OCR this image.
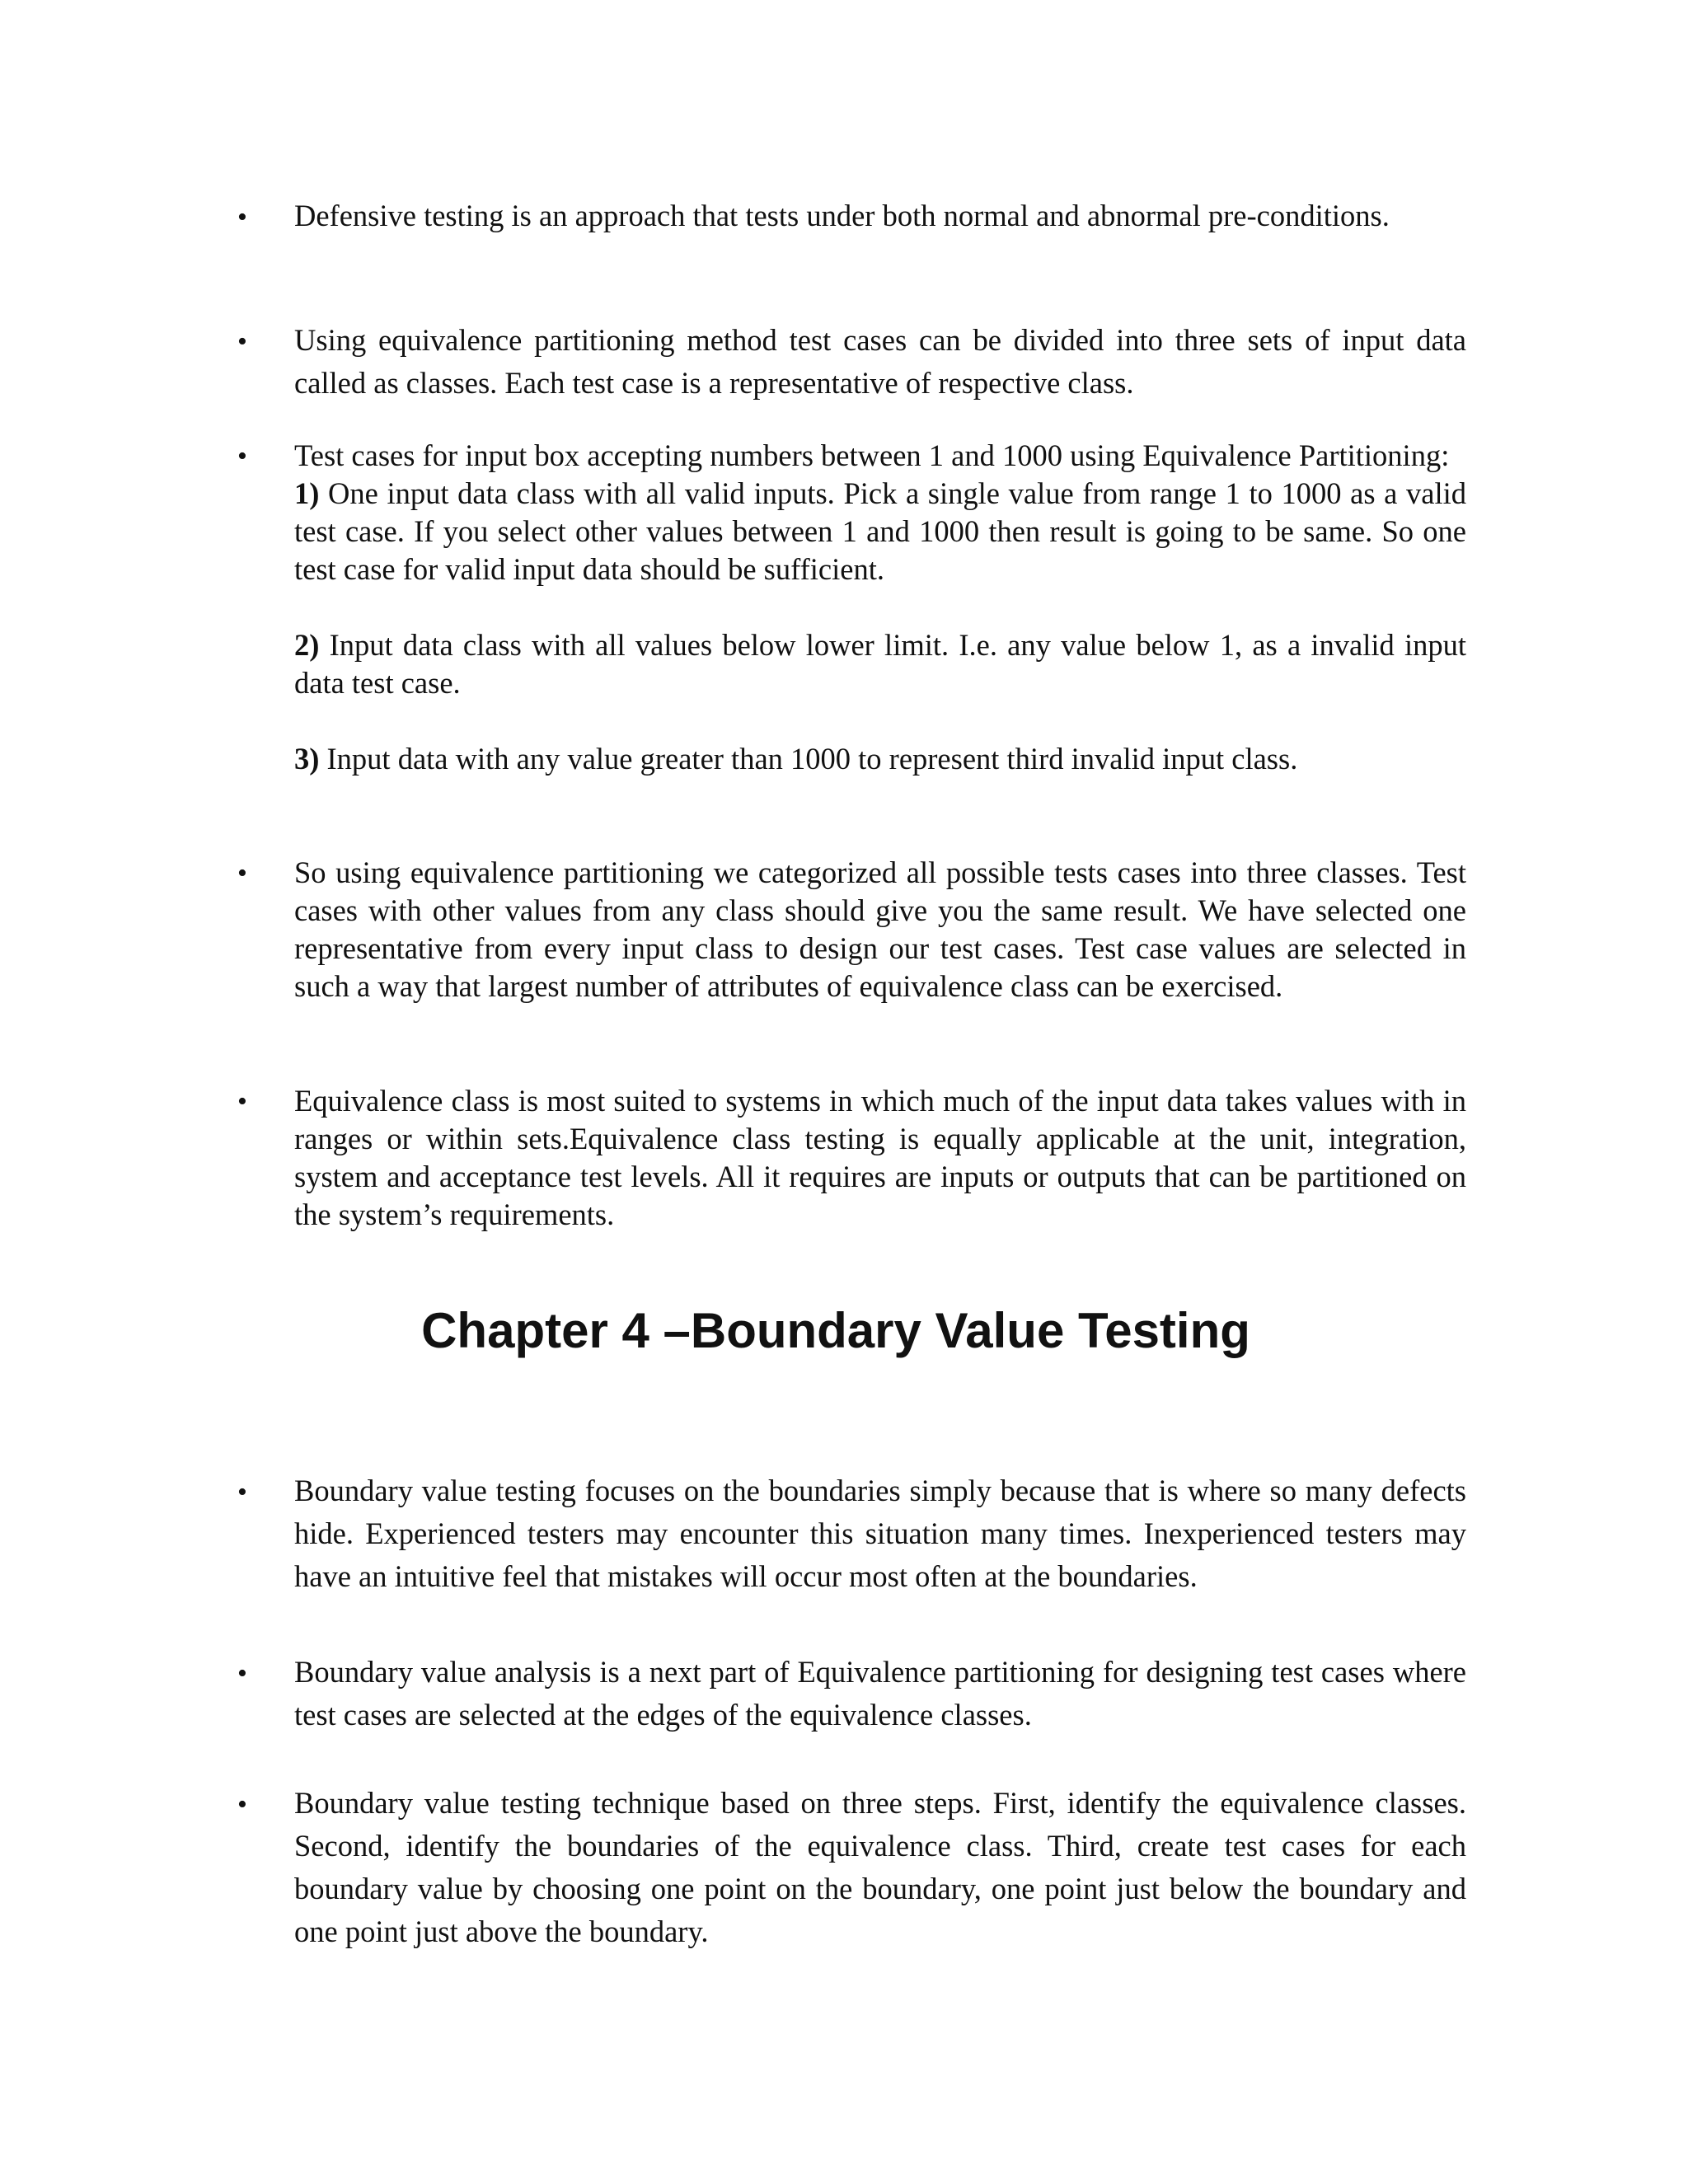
• Defensive testing is an approach that tests under both normal and abnormal pre-conditions.

• Using equivalence partitioning method test cases can be divided into three sets of input data called as classes. Each test case is a representative of respective class.

• Test cases for input box accepting numbers between 1 and 1000 using Equivalence Partitioning:

1) One input data class with all valid inputs. Pick a single value from range 1 to 1000 as a valid test case. If you select other values between 1 and 1000 then result is going to be same. So one test case for valid input data should be sufficient.

2) Input data class with all values below lower limit. I.e. any value below 1, as a invalid input data test case.

3) Input data with any value greater than 1000 to represent third invalid input class.

• So using equivalence partitioning we categorized all possible tests cases into three classes. Test cases with other values from any class should give you the same result. We have selected one representative from every input class to design our test cases. Test case values are selected in such a way that largest number of attributes of equivalence class can be exercised.

• Equivalence class is most suited to systems in which much of the input data takes values with in ranges or within sets.Equivalence class testing is equally applicable at the unit, integration, system and acceptance test levels. All it requires are inputs or outputs that can be partitioned on the system’s requirements.

Chapter 4 –Boundary Value Testing
• Boundary value testing focuses on the boundaries simply because that is where so many defects hide. Experienced testers may encounter this situation many times. Inexperienced testers may have an intuitive feel that mistakes will occur most often at the boundaries.

• Boundary value analysis is a next part of Equivalence partitioning for designing test cases where test cases are selected at the edges of the equivalence classes.

• Boundary value testing technique based on three steps. First, identify the equivalence classes. Second, identify the boundaries of the equivalence class. Third, create test cases for each boundary value by choosing one point on the boundary, one point just below the boundary and one point just above the boundary.
